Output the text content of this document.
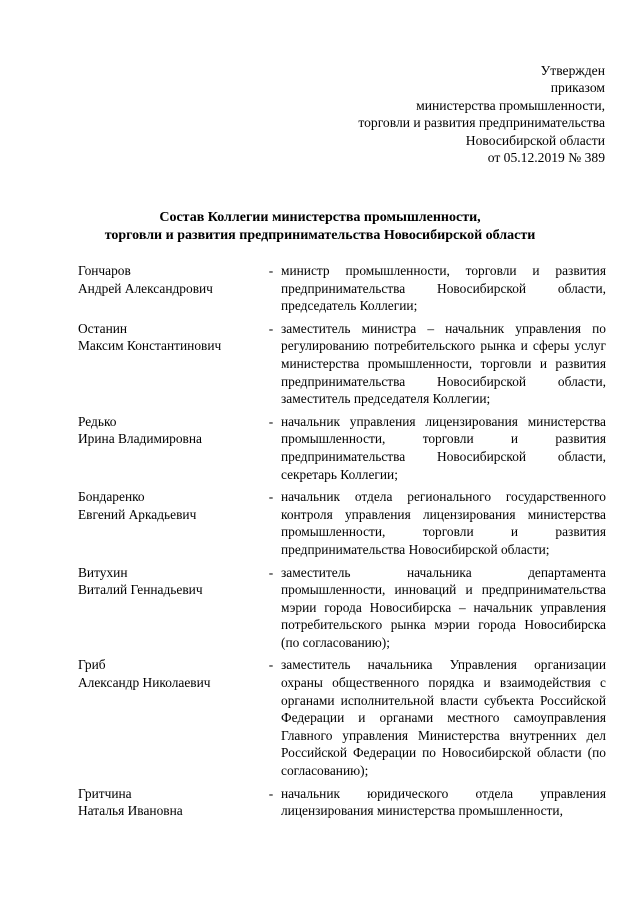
Утвержден
приказом
министерства промышленности,
торговли и развития предпринимательства
Новосибирской области
от 05.12.2019 № 389
Состав Коллегии министерства промышленности,
торговли и развития предпринимательства Новосибирской области
Гончаров
Андрей Александрович
- министр промышленности, торговли и развития предпринимательства Новосибирской области, председатель Коллегии;
Останин
Максим Константинович
- заместитель министра – начальник управления по регулированию потребительского рынка и сферы услуг министерства промышленности, торговли и развития предпринимательства Новосибирской области, заместитель председателя Коллегии;
Редько
Ирина Владимировна
- начальник управления лицензирования министерства промышленности, торговли и развития предпринимательства Новосибирской области, секретарь Коллегии;
Бондаренко
Евгений Аркадьевич
- начальник отдела регионального государственного контроля управления лицензирования министерства промышленности, торговли и развития предпринимательства Новосибирской области;
Витухин
Виталий Геннадьевич
- заместитель начальника департамента промышленности, инноваций и предпринимательства мэрии города Новосибирска – начальник управления потребительского рынка мэрии города Новосибирска (по согласованию);
Гриб
Александр Николаевич
- заместитель начальника Управления организации охраны общественного порядка и взаимодействия с органами исполнительной власти субъекта Российской Федерации и органами местного самоуправления Главного управления Министерства внутренних дел Российской Федерации по Новосибирской области (по согласованию);
Гритчина
Наталья Ивановна
- начальник юридического отдела управления лицензирования министерства промышленности,
